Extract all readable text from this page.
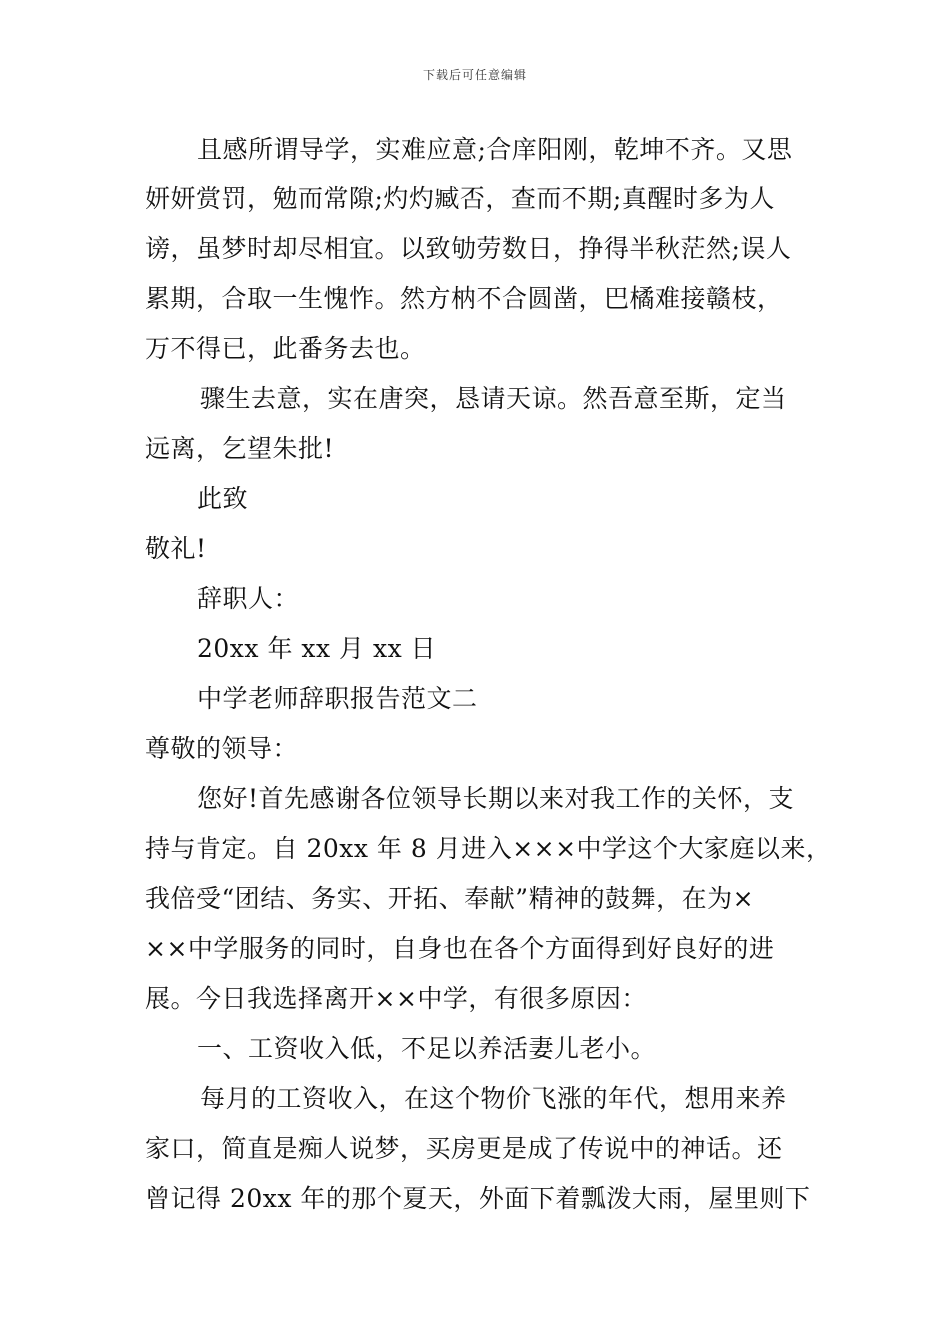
下载后可任意编辑
且感所谓导学，实难应意;合庠阳刚，乾坤不齐。又思
妍妍赏罚，勉而常隙;灼灼臧否，查而不期;真醒时多为人
谤，虽梦时却尽相宜。以致劬劳数日，挣得半秋茫然;误人
累期，合取一生愧怍。然方枘不合圆凿，巴橘难接赣枝，
万不得已，此番务去也。
骤生去意，实在唐突，恳请天谅。然吾意至斯，定当
远离，乞望朱批!
此致
敬礼!
辞职人：
20xx 年 xx 月 xx 日
中学老师辞职报告范文二
尊敬的领导：
您好!首先感谢各位领导长期以来对我工作的关怀，支
持与肯定。自 20xx 年 8 月进入×××中学这个大家庭以来，
我倍受“团结、务实、开拓、奉献”精神的鼓舞，在为×
××中学服务的同时，自身也在各个方面得到好良好的进
展。今日我选择离开××中学，有很多原因：
一、工资收入低，不足以养活妻儿老小。
每月的工资收入，在这个物价飞涨的年代，想用来养
家口，简直是痴人说梦，买房更是成了传说中的神话。还
曾记得 20xx 年的那个夏天，外面下着瓢泼大雨，屋里则下
